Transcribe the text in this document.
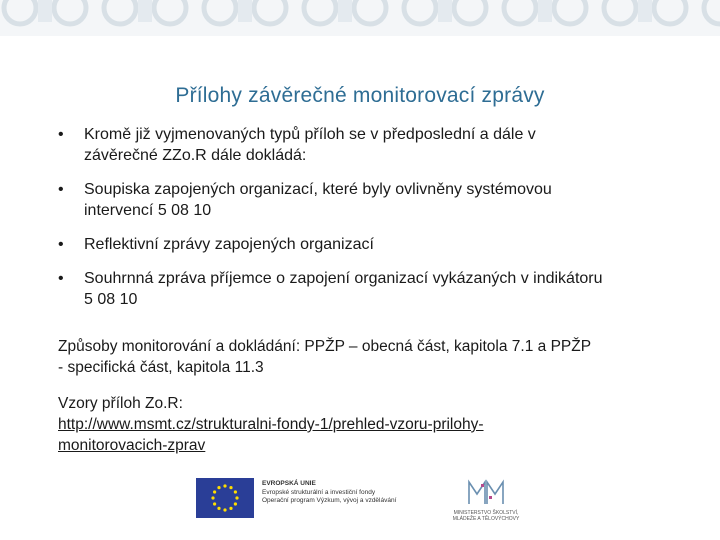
Přílohy závěrečné monitorovací zprávy
• Kromě již vyjmenovaných typů příloh se v předposlední a dále v
závěrečné ZZo.R dále dokládá:
• Soupiska zapojených organizací, které byly ovlivněny systémovou
intervencí 5 08 10
• Reflektivní zprávy zapojených organizací
• Souhrnná zpráva příjemce o zapojení organizací vykázaných v indikátoru
5 08 10
Způsoby monitorování a dokládání: PPŽP – obecná část, kapitola 7.1 a PPŽP
- specifická část, kapitola 11.3
Vzory příloh Zo.R:
http://www.msmt.cz/strukturalni-fondy-1/prehled-vzoru-prilohy-
monitorovacich-zprav
EVROPSKÁ UNIE
Evropské strukturální a investiční fondy
Operační program Výzkum, vývoj a vzdělávání
MINISTERSTVO ŠKOLSTVÍ,
MLÁDEŽE A TĚLOVÝCHOVY
